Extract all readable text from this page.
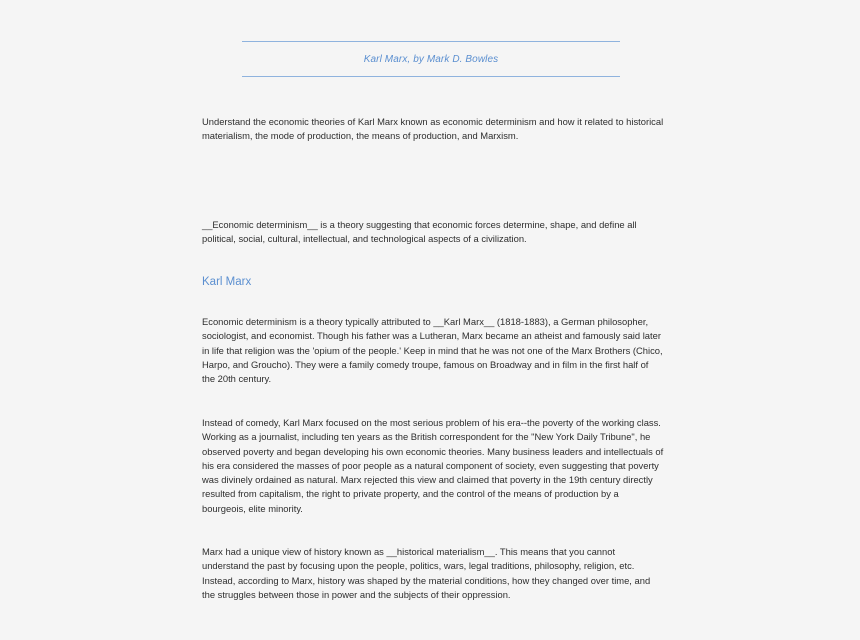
Karl Marx, by Mark D. Bowles

Understand the economic theories of Karl Marx known as economic determinism and how it related to historical materialism, the mode of production, the means of production, and Marxism.

__Economic determinism__ is a theory suggesting that economic forces determine, shape, and define all political, social, cultural, intellectual, and technological aspects of a civilization.

Karl Marx

Economic determinism is a theory typically attributed to __Karl Marx__ (1818-1883), a German philosopher, sociologist, and economist. Though his father was a Lutheran, Marx became an atheist and famously said later in life that religion was the 'opium of the people.' Keep in mind that he was not one of the Marx Brothers (Chico, Harpo, and Groucho). They were a family comedy troupe, famous on Broadway and in film in the first half of the 20th century.

Instead of comedy, Karl Marx focused on the most serious problem of his era--the poverty of the working class. Working as a journalist, including ten years as the British correspondent for the "New York Daily Tribune", he observed poverty and began developing his own economic theories. Many business leaders and intellectuals of his era considered the masses of poor people as a natural component of society, even suggesting that poverty was divinely ordained as natural. Marx rejected this view and claimed that poverty in the 19th century directly resulted from capitalism, the right to private property, and the control of the means of production by a bourgeois, elite minority.

Marx had a unique view of history known as __historical materialism__. This means that you cannot understand the past by focusing upon the people, politics, wars, legal traditions, philosophy, religion, etc. Instead, according to Marx, history was shaped by the material conditions, how they changed over time, and the struggles between those in power and the subjects of their oppression.
